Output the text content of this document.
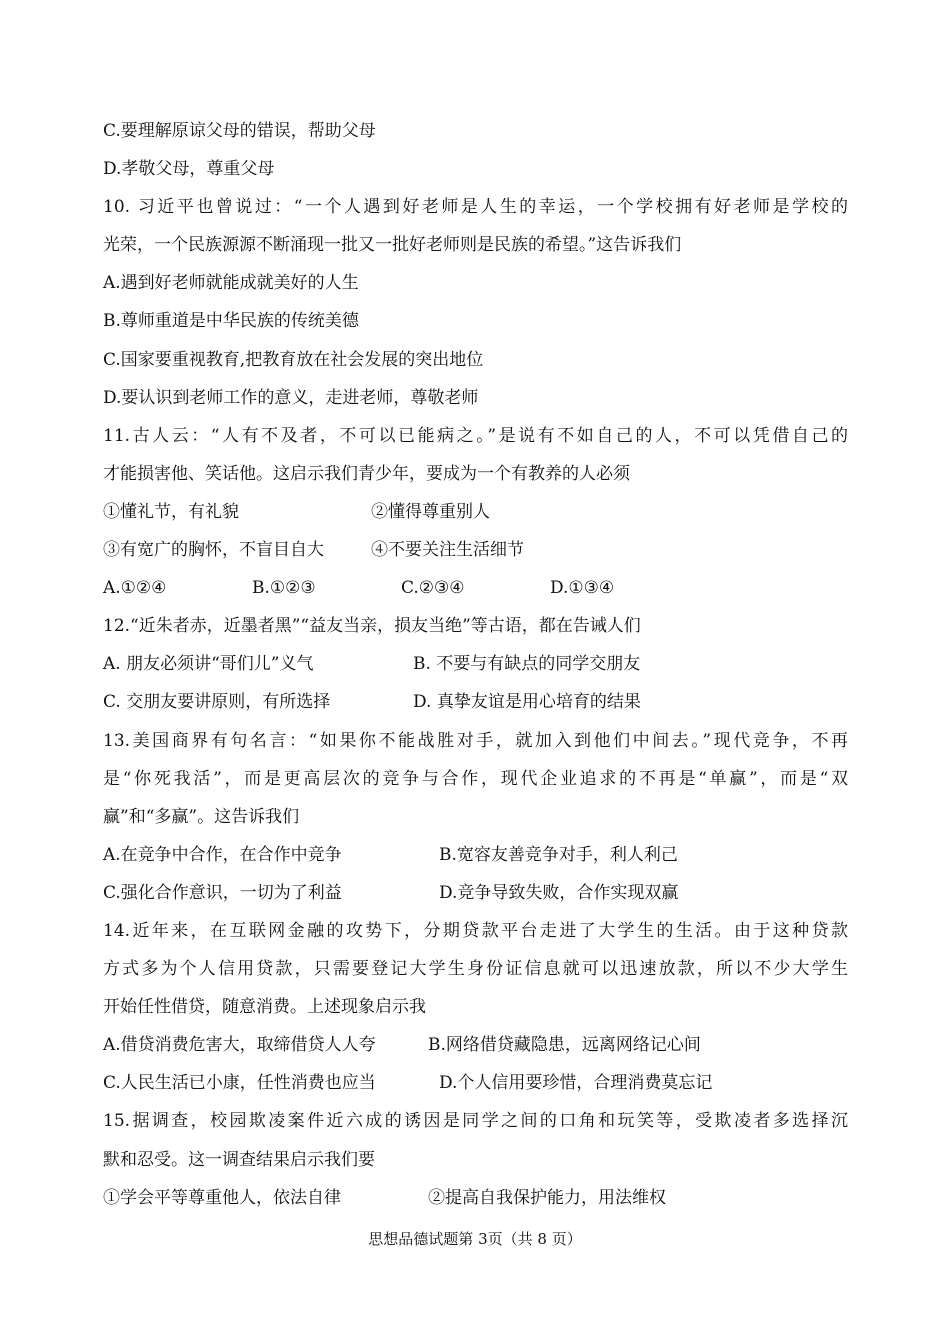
C.要理解原谅父母的错误，帮助父母
D.孝敬父母，尊重父母
10. 习近平也曾说过：“一个人遇到好老师是人生的幸运，一个学校拥有好老师是学校的
光荣，一个民族源源不断涌现一批又一批好老师则是民族的希望。”这告诉我们
A.遇到好老师就能成就美好的人生
B.尊师重道是中华民族的传统美德
C.国家要重视教育,把教育放在社会发展的突出地位
D.要认识到老师工作的意义，走进老师，尊敬老师
11.古人云：“人有不及者，不可以已能病之。”是说有不如自己的人，不可以凭借自己的
才能损害他、笑话他。这启示我们青少年，要成为一个有教养的人必须
①懂礼节，有礼貌	②懂得尊重别人
③有宽广的胸怀，不盲目自大	④不要关注生活细节
A.①②④	B.①②③	C.②③④	D.①③④
12.“近朱者赤，近墨者黑”“益友当亲，损友当绝”等古语，都在告诫人们
A. 朋友必须讲“哥们儿”义气	B. 不要与有缺点的同学交朋友
C. 交朋友要讲原则，有所选择	D. 真挚友谊是用心培育的结果
13.美国商界有句名言：“如果你不能战胜对手，就加入到他们中间去。”现代竞争，不再
是“你死我活”，而是更高层次的竞争与合作，现代企业追求的不再是“单赢”，而是“双
赢”和“多赢”。这告诉我们
A.在竞争中合作，在合作中竞争	B.宽容友善竞争对手，利人利己
C.强化合作意识，一切为了利益	D.竞争导致失败，合作实现双赢
14.近年来，在互联网金融的攻势下，分期贷款平台走进了大学生的生活。由于这种贷款
方式多为个人信用贷款，只需要登记大学生身份证信息就可以迅速放款，所以不少大学生
开始任性借贷，随意消费。上述现象启示我
A.借贷消费危害大，取缔借贷人人夸	B.网络借贷藏隐患，远离网络记心间
C.人民生活已小康，任性消费也应当	D.个人信用要珍惜，合理消费莫忘记
15.据调查，校园欺凌案件近六成的诱因是同学之间的口角和玩笑等，受欺凌者多选择沉
默和忍受。这一调查结果启示我们要
①学会平等尊重他人，依法自律	②提高自我保护能力，用法维权
思想品德试题第 3页（共 8 页）
